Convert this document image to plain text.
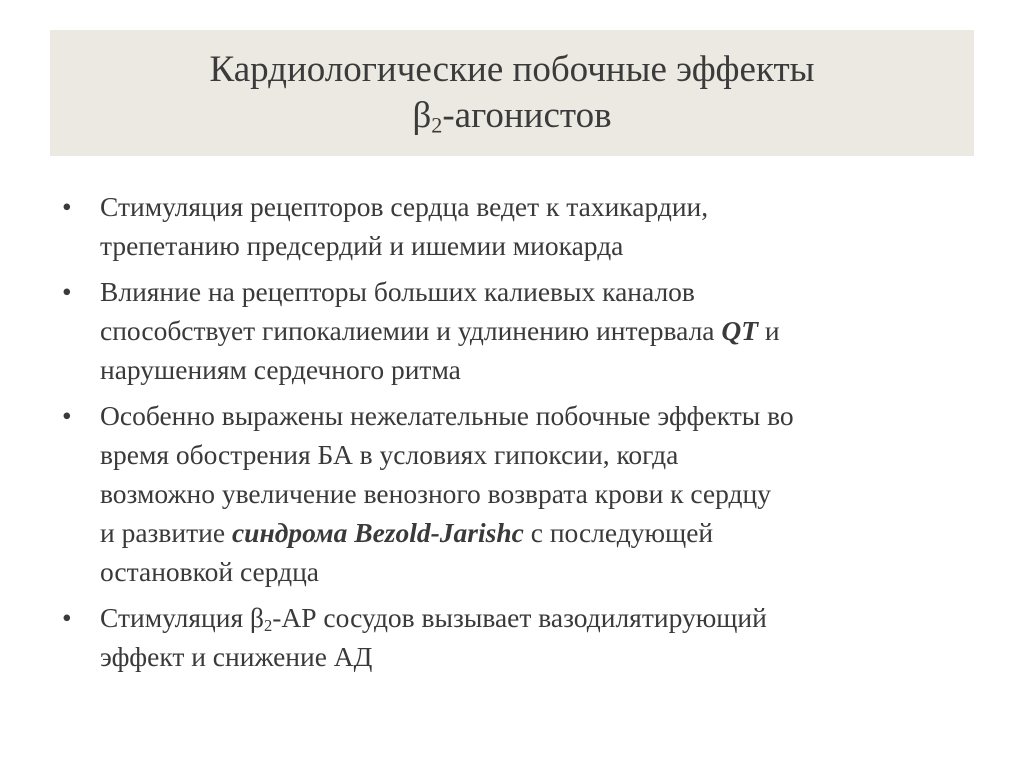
Кардиологические побочные эффекты
$\beta_2$-агонистов
• Стимуляция рецепторов сердца ведет к тахикардии,
трепетанию предсердий и ишемии миокарда
• Влияние на рецепторы больших калиевых каналов
способствует гипокалиемии и удлинению интервала QT и
нарушениям сердечного ритма
• Особенно выражены нежелательные побочные эффекты во
время обострения БА в условиях гипоксии, когда
возможно увеличение венозного возврата крови к сердцу
и развитие синдрома Bezold-Jarishc с последующей
остановкой сердца
• Стимуляция $\beta_2-АР$ сосудов вызывает вазодилятирующий
эффект и снижение АД
